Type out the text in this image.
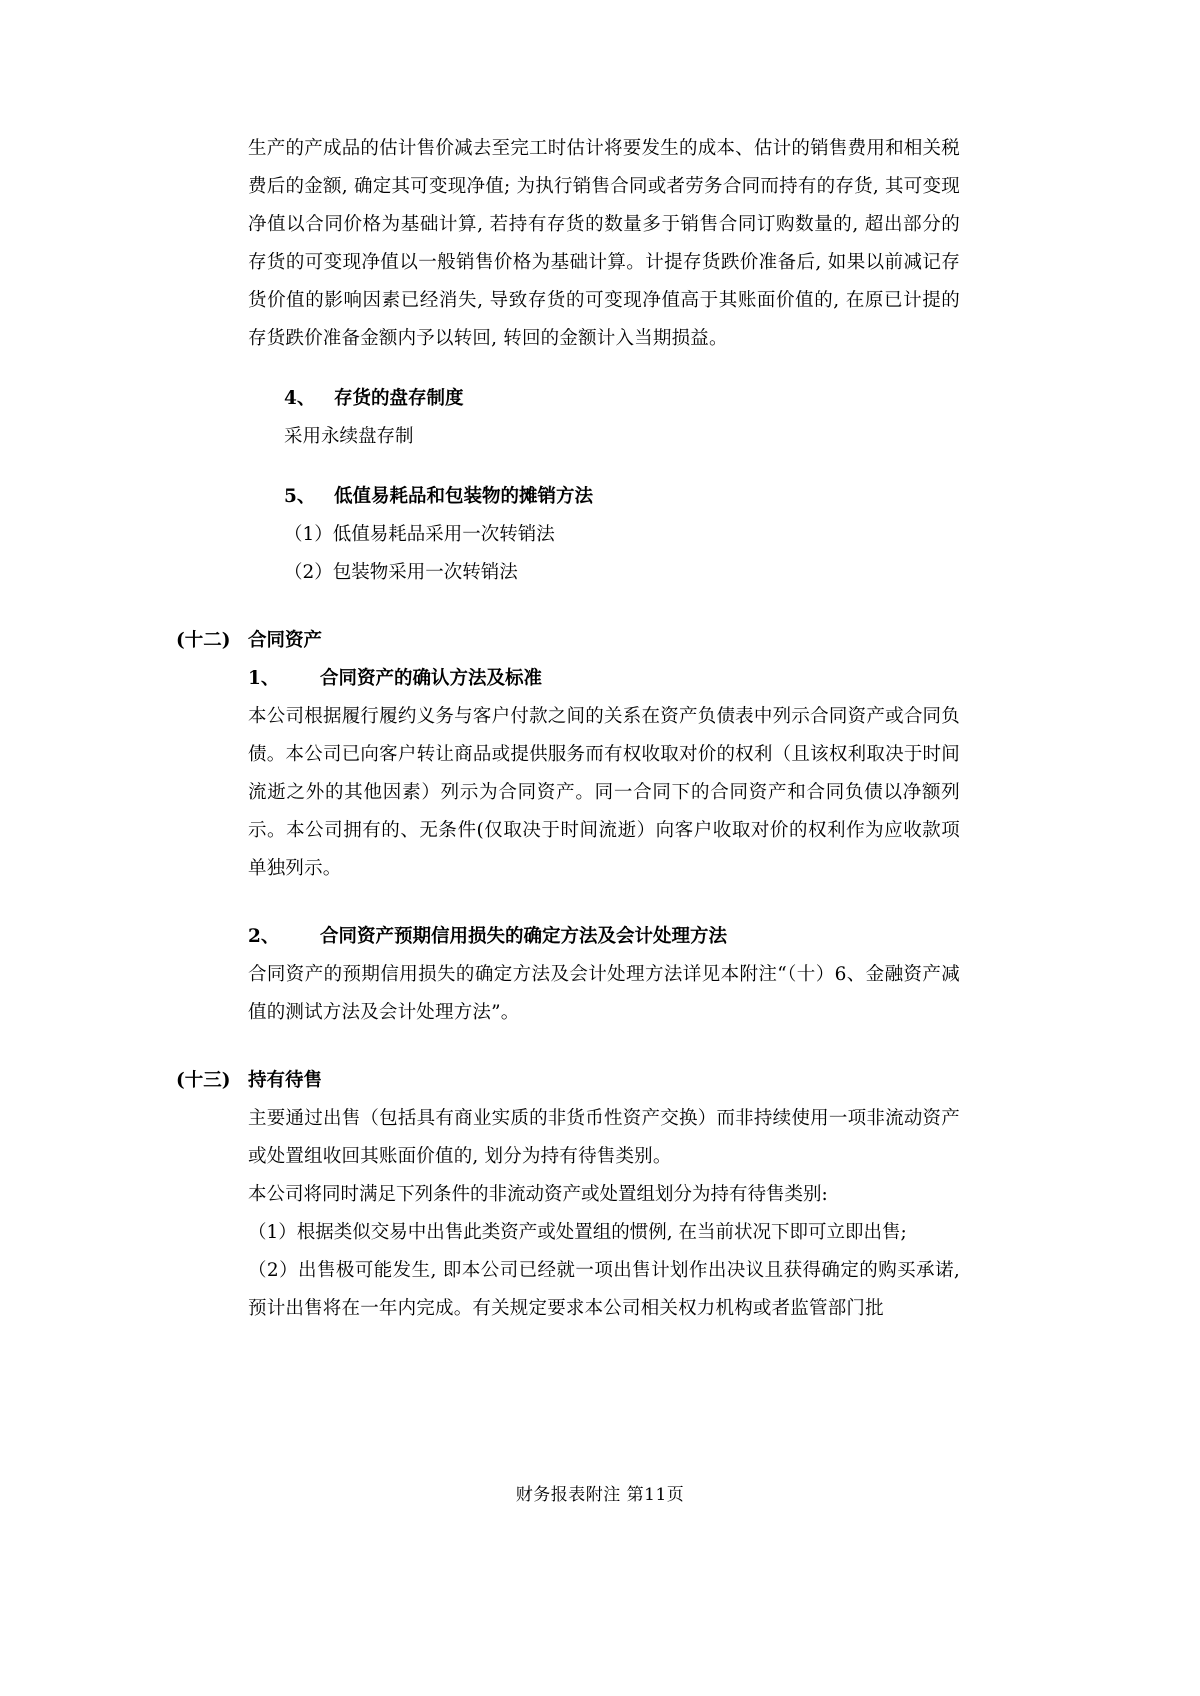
生产的产成品的估计售价减去至完工时估计将要发生的成本、估计的销售费用和相关税费后的金额, 确定其可变现净值; 为执行销售合同或者劳务合同而持有的存货, 其可变现净值以合同价格为基础计算, 若持有存货的数量多于销售合同订购数量的, 超出部分的存货的可变现净值以一般销售价格为基础计算。计提存货跌价准备后, 如果以前减记存货价值的影响因素已经消失, 导致存货的可变现净值高于其账面价值的, 在原已计提的存货跌价准备金额内予以转回, 转回的金额计入当期损益。

4、	存货的盘存制度

采用永续盘存制

5、	低值易耗品和包装物的摊销方法

（1）低值易耗品采用一次转销法

（2）包装物采用一次转销法

(十二) 合同资产
1、	合同资产的确认方法及标准

本公司根据履行履约义务与客户付款之间的关系在资产负债表中列示合同资产或合同负债。本公司已向客户转让商品或提供服务而有权收取对价的权利（且该权利取决于时间流逝之外的其他因素）列示为合同资产。同一合同下的合同资产和合同负债以净额列示。本公司拥有的、无条件(仅取决于时间流逝）向客户收取对价的权利作为应收款项单独列示。

2、	合同资产预期信用损失的确定方法及会计处理方法

合同资产的预期信用损失的确定方法及会计处理方法详见本附注“（十）6、金融资产减值的测试方法及会计处理方法”。

(十三) 持有待售

主要通过出售（包括具有商业实质的非货币性资产交换）而非持续使用一项非流动资产或处置组收回其账面价值的, 划分为持有待售类别。

本公司将同时满足下列条件的非流动资产或处置组划分为持有待售类别:

（1）根据类似交易中出售此类资产或处置组的惯例, 在当前状况下即可立即出售;

（2）出售极可能发生, 即本公司已经就一项出售计划作出决议且获得确定的购买承诺, 预计出售将在一年内完成。有关规定要求本公司相关权力机构或者监管部门批

财务报表附注 第11页
